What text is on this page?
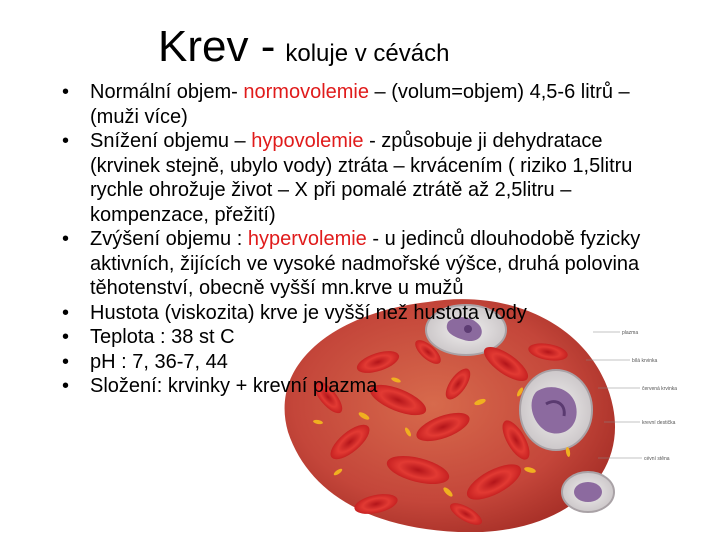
Krev - koluje v cévách
plazma
bílá krvinka
červená krvinka
krevní destička
cévní stěna
• Normální objem- normovolemie – (volum=objem) 4,5-6 litrů – (muži více)
• Snížení objemu – hypovolemie - způsobuje ji dehydratace (krvinek stejně, ubylo vody) ztráta – krvácením ( riziko 1,5litru rychle ohrožuje život – X při pomalé ztrátě až 2,5litru – kompenzace, přežití)
• Zvýšení objemu : hypervolemie - u jedinců dlouhodobě fyzicky aktivních, žijících ve vysoké nadmořské výšce, druhá polovina těhotenství, obecně vyšší mn.krve u mužů
• Hustota (viskozita) krve je vyšší než hustota vody
• Teplota : 38 st C
• pH : 7, 36-7, 44
• Složení: krvinky + krevní plazma
